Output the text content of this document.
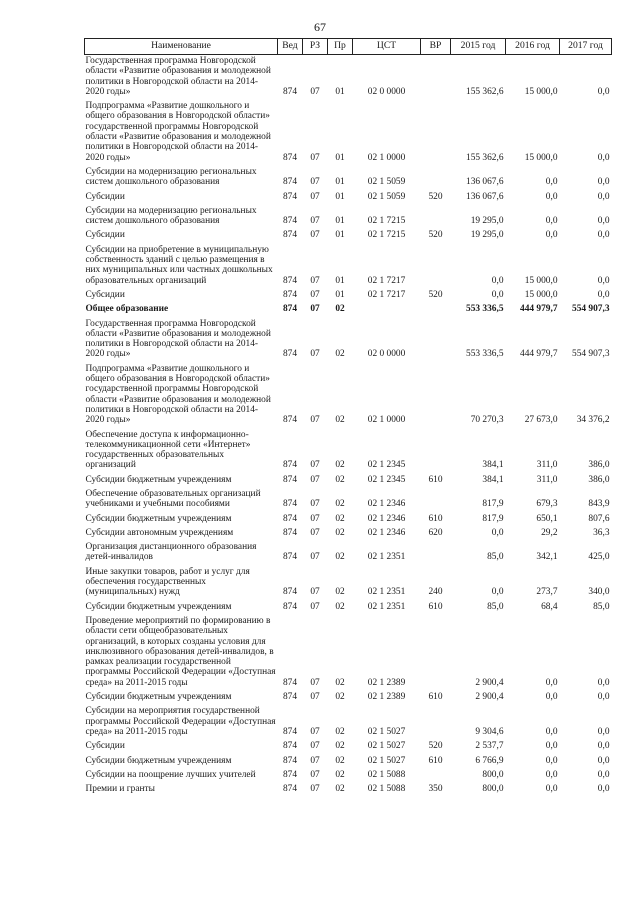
67
Наименование	Вед	РЗ	Пр	ЦСТ	ВР	2015 год	2016 год	2017 год
Государственная программа Новгородской области «Развитие образования и молодежной политики в Новгородской области на 2014-2020 годы»	874	07	01	02 0 0000		155 362,6	15 000,0	0,0
Подпрограмма «Развитие дошкольного и общего образования в Новгородской области» государственной программы Новгородской области «Развитие образования и молодежной политики в Новгородской области на 2014-2020 годы»	874	07	01	02 1 0000		155 362,6	15 000,0	0,0
Субсидии на модернизацию региональных систем дошкольного образования	874	07	01	02 1 5059		136 067,6	0,0	0,0
Субсидии	874	07	01	02 1 5059	520	136 067,6	0,0	0,0
Субсидии на модернизацию региональных систем дошкольного образования	874	07	01	02 1 7215		19 295,0	0,0	0,0
Субсидии	874	07	01	02 1 7215	520	19 295,0	0,0	0,0
Субсидии на приобретение в муниципальную собственность зданий с целью размещения в них муниципальных или частных дошкольных образовательных организаций	874	07	01	02 1 7217		0,0	15 000,0	0,0
Субсидии	874	07	01	02 1 7217	520	0,0	15 000,0	0,0
Общее образование	874	07	02			553 336,5	444 979,7	554 907,3
Государственная программа Новгородской области «Развитие образования и молодежной политики в Новгородской области на 2014-2020 годы»	874	07	02	02 0 0000		553 336,5	444 979,7	554 907,3
Подпрограмма «Развитие дошкольного и общего образования в Новгородской области» государственной программы Новгородской области «Развитие образования и молодежной политики в Новгородской области на 2014-2020 годы»	874	07	02	02 1 0000		70 270,3	27 673,0	34 376,2
Обеспечение доступа к информационно-телекоммуникационной сети «Интернет» государственных образовательных организаций	874	07	02	02 1 2345		384,1	311,0	386,0
Субсидии бюджетным учреждениям	874	07	02	02 1 2345	610	384,1	311,0	386,0
Обеспечение образовательных организаций учебниками и учебными пособиями	874	07	02	02 1 2346		817,9	679,3	843,9
Субсидии бюджетным учреждениям	874	07	02	02 1 2346	610	817,9	650,1	807,6
Субсидии автономным учреждениям	874	07	02	02 1 2346	620	0,0	29,2	36,3
Организация дистанционного образования детей-инвалидов	874	07	02	02 1 2351		85,0	342,1	425,0
Иные закупки товаров, работ и услуг для обеспечения государственных (муниципальных) нужд	874	07	02	02 1 2351	240	0,0	273,7	340,0
Субсидии бюджетным учреждениям	874	07	02	02 1 2351	610	85,0	68,4	85,0
Проведение мероприятий по формированию в области сети общеобразовательных организаций, в которых созданы условия для инклюзивного образования детей-инвалидов, в рамках реализации государственной программы Российской Федерации «Доступная среда» на 2011-2015 годы	874	07	02	02 1 2389		2 900,4	0,0	0,0
Субсидии бюджетным учреждениям	874	07	02	02 1 2389	610	2 900,4	0,0	0,0
Субсидии на мероприятия государственной программы Российской Федерации «Доступная среда» на 2011-2015 годы	874	07	02	02 1 5027		9 304,6	0,0	0,0
Субсидии	874	07	02	02 1 5027	520	2 537,7	0,0	0,0
Субсидии бюджетным учреждениям	874	07	02	02 1 5027	610	6 766,9	0,0	0,0
Субсидии на поощрение лучших учителей	874	07	02	02 1 5088		800,0	0,0	0,0
Премии и гранты	874	07	02	02 1 5088	350	800,0	0,0	0,0
